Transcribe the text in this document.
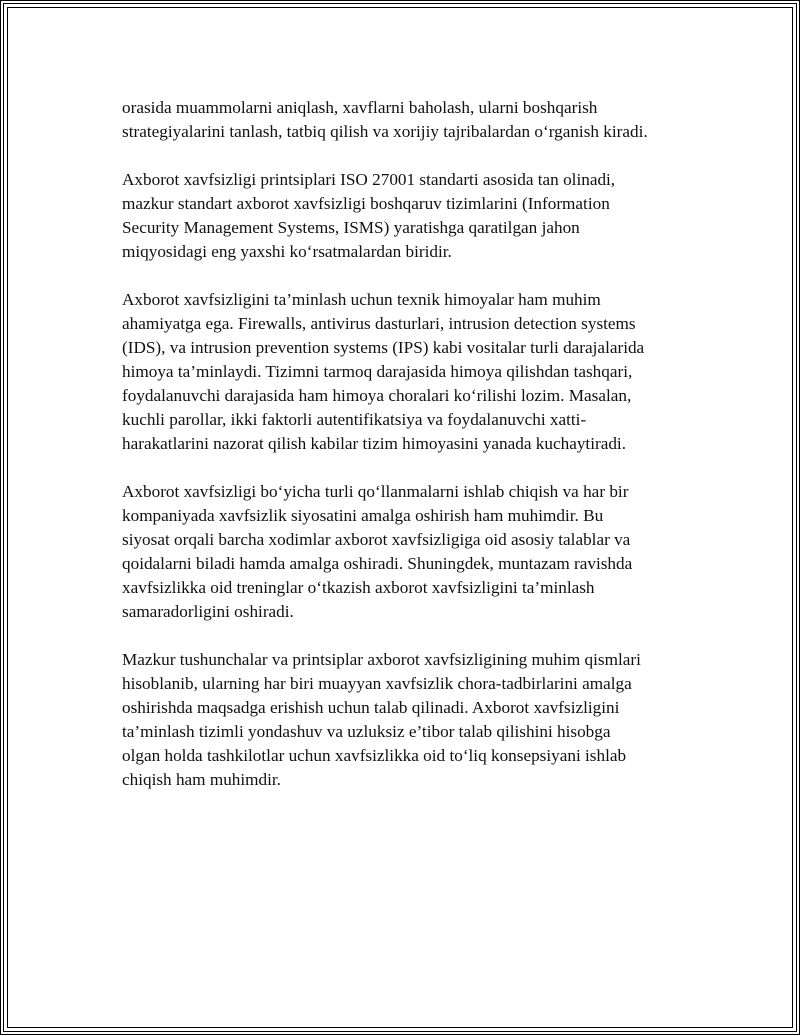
orasida muammolarni aniqlash, xavflarni baholash, ularni boshqarish
strategiyalarini tanlash, tatbiq qilish va xorijiy tajribalardan o‘rganish kiradi.

Axborot xavfsizligi printsiplari ISO 27001 standarti asosida tan olinadi,
mazkur standart axborot xavfsizligi boshqaruv tizimlarini (Information
Security Management Systems, ISMS) yaratishga qaratilgan jahon
miqyosidagi eng yaxshi ko‘rsatmalardan biridir.

Axborot xavfsizligini ta’minlash uchun texnik himoyalar ham muhim
ahamiyatga ega. Firewalls, antivirus dasturlari, intrusion detection systems
(IDS), va intrusion prevention systems (IPS) kabi vositalar turli darajalarida
himoya ta’minlaydi. Tizimni tarmoq darajasida himoya qilishdan tashqari,
foydalanuvchi darajasida ham himoya choralari ko‘rilishi lozim. Masalan,
kuchli parollar, ikki faktorli autentifikatsiya va foydalanuvchi xatti-
harakatlarini nazorat qilish kabilar tizim himoyasini yanada kuchaytiradi.

Axborot xavfsizligi bo‘yicha turli qo‘llanmalarni ishlab chiqish va har bir
kompaniyada xavfsizlik siyosatini amalga oshirish ham muhimdir. Bu
siyosat orqali barcha xodimlar axborot xavfsizligiga oid asosiy talablar va
qoidalarni biladi hamda amalga oshiradi. Shuningdek, muntazam ravishda
xavfsizlikka oid treninglar o‘tkazish axborot xavfsizligini ta’minlash
samaradorligini oshiradi.

Mazkur tushunchalar va printsiplar axborot xavfsizligining muhim qismlari
hisoblanib, ularning har biri muayyan xavfsizlik chora-tadbirlarini amalga
oshirishda maqsadga erishish uchun talab qilinadi. Axborot xavfsizligini
ta’minlash tizimli yondashuv va uzluksiz e’tibor talab qilishini hisobga
olgan holda tashkilotlar uchun xavfsizlikka oid to‘liq konsepsiyani ishlab
chiqish ham muhimdir.
